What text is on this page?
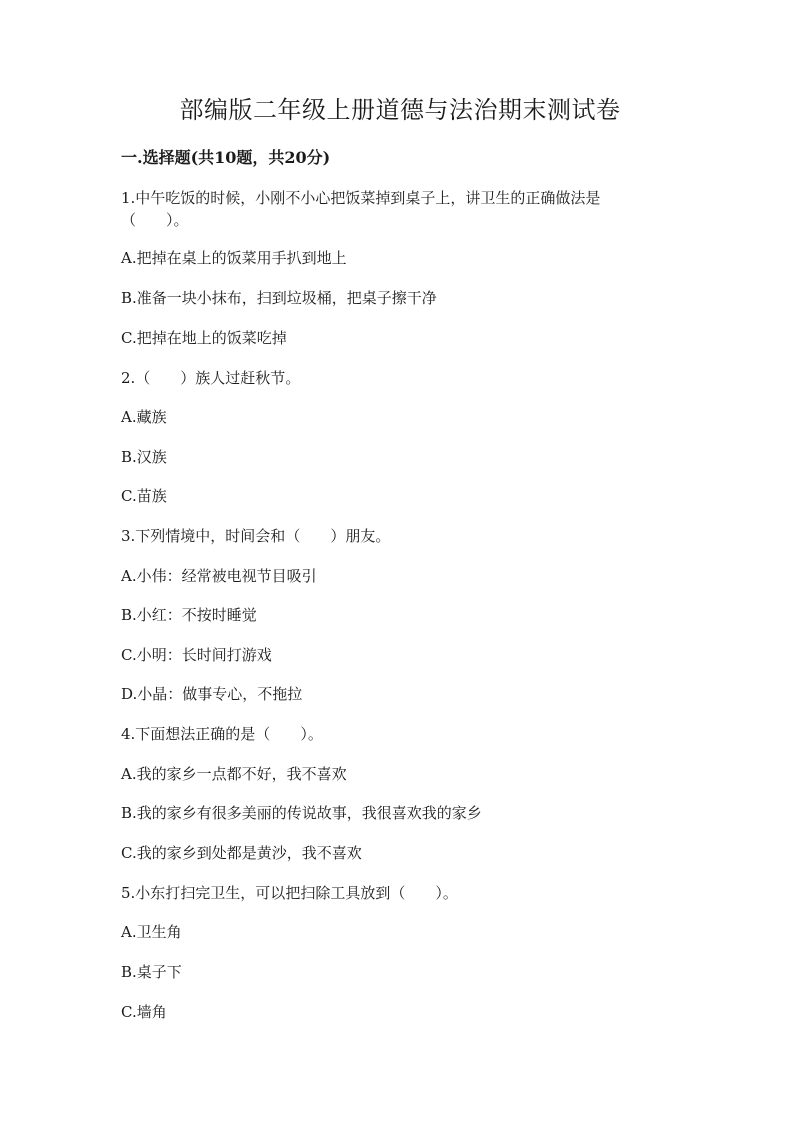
部编版二年级上册道德与法治期末测试卷
一.选择题(共10题，共20分)
1.中午吃饭的时候，小刚不小心把饭菜掉到桌子上，讲卫生的正确做法是
（　　）。
A.把掉在桌上的饭菜用手扒到地上
B.准备一块小抹布，扫到垃圾桶，把桌子擦干净
C.把掉在地上的饭菜吃掉
2.（　　）族人过赶秋节。
A.藏族
B.汉族
C.苗族
3.下列情境中，时间会和（　　）朋友。
A.小伟：经常被电视节目吸引
B.小红：不按时睡觉
C.小明：长时间打游戏
D.小晶：做事专心，不拖拉
4.下面想法正确的是（　　）。
A.我的家乡一点都不好，我不喜欢
B.我的家乡有很多美丽的传说故事，我很喜欢我的家乡
C.我的家乡到处都是黄沙，我不喜欢
5.小东打扫完卫生，可以把扫除工具放到（　　）。
A.卫生角
B.桌子下
C.墙角
